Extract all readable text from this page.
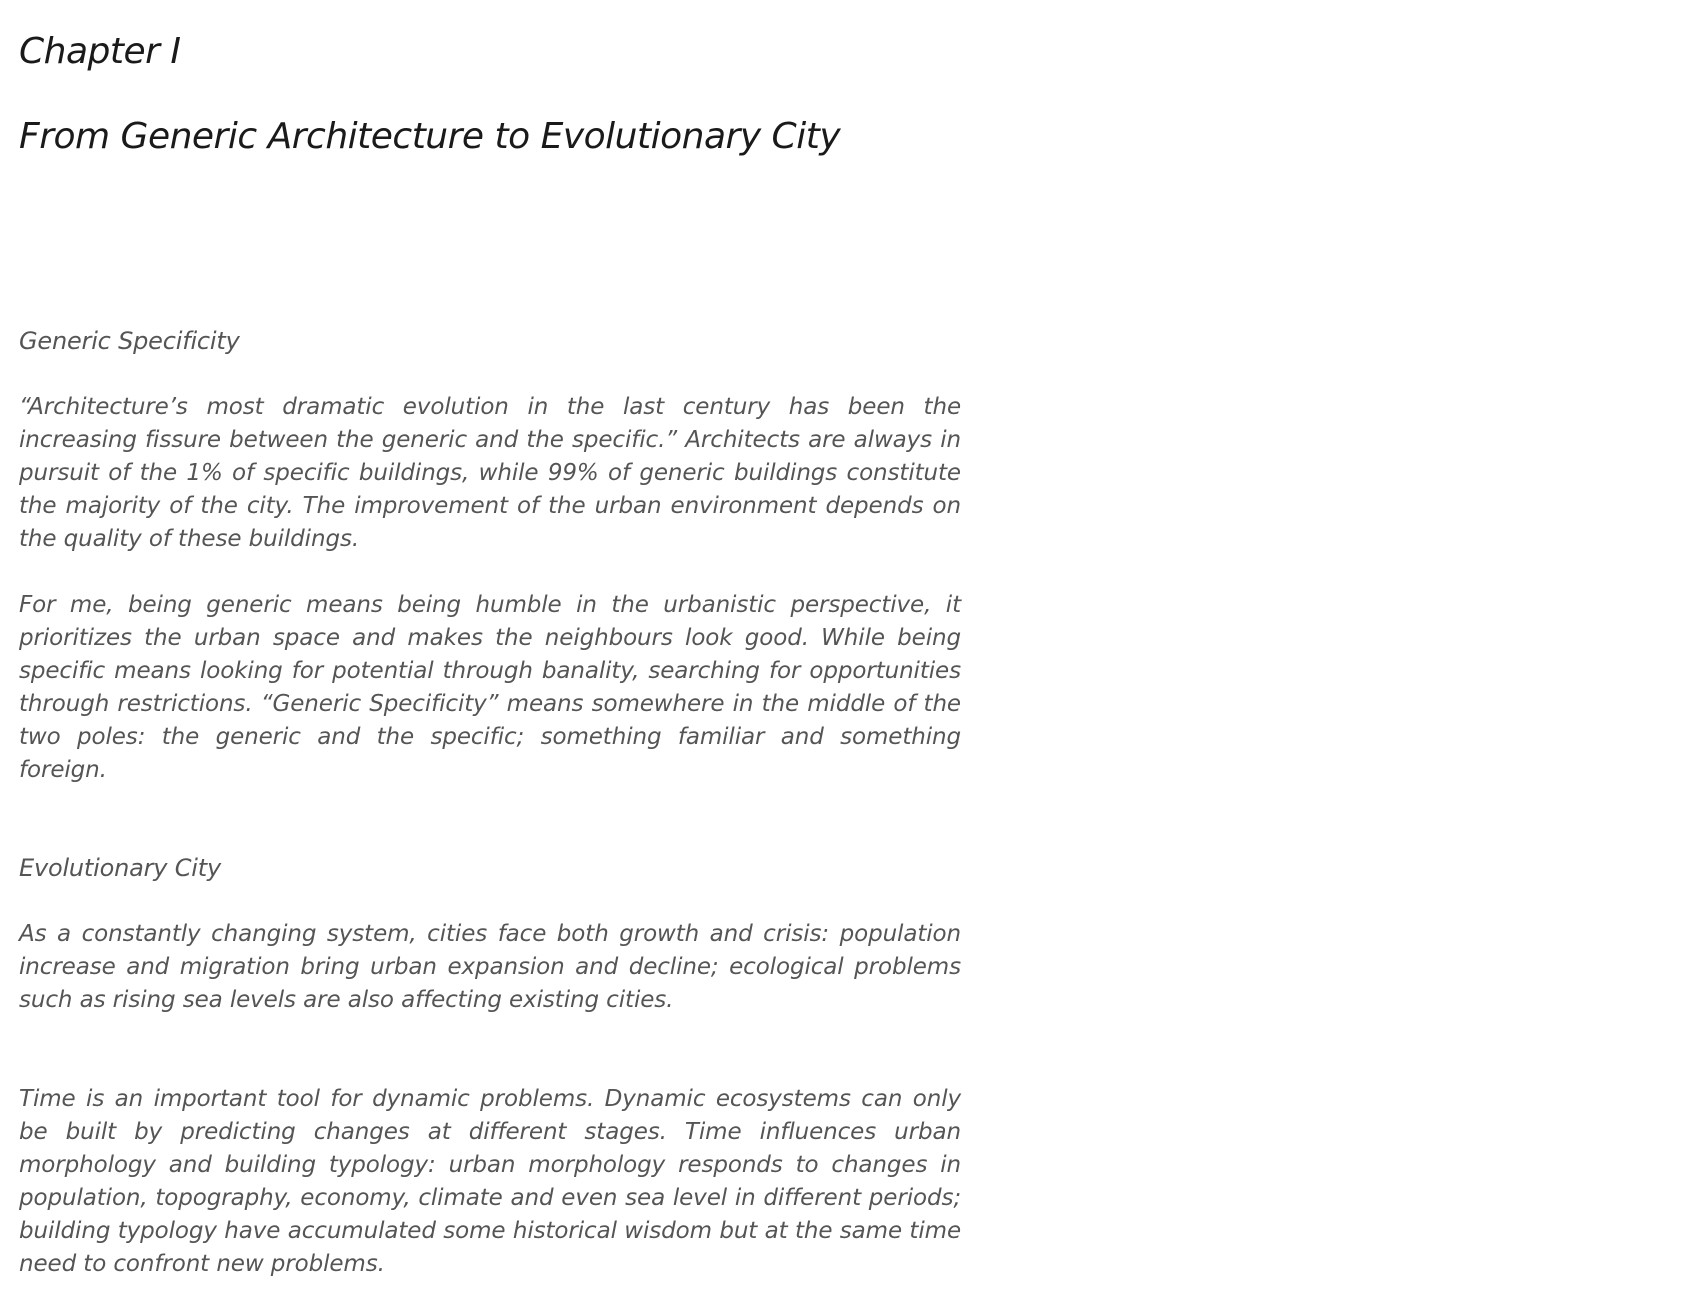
Chapter I
From Generic Architecture to Evolutionary City
Generic Specificity

“Architecture’s most dramatic evolution in the last century has been the increasing fissure between the generic and the specific.” Architects are always in pursuit of the 1% of specific buildings, while 99% of generic buildings constitute the majority of the city. The improvement of the urban environment depends on the quality of these buildings.

For me, being generic means being humble in the urbanistic perspective, it prioritizes the urban space and makes the neighbours look good. While being specific means looking for potential through banality, searching for opportunities through restrictions. “Generic Specificity” means somewhere in the middle of the two poles: the generic and the specific; something familiar and something foreign.

Evolutionary City

As a constantly changing system, cities face both growth and crisis: population increase and migration bring urban expansion and decline; ecological problems such as rising sea levels are also affecting existing cities.

Time is an important tool for dynamic problems. Dynamic ecosystems can only be built by predicting changes at different stages. Time influences urban morphology and building typology: urban morphology responds to changes in population, topography, economy, climate and even sea level in different periods; building typology have accumulated some historical wisdom but at the same time need to confront new problems.
